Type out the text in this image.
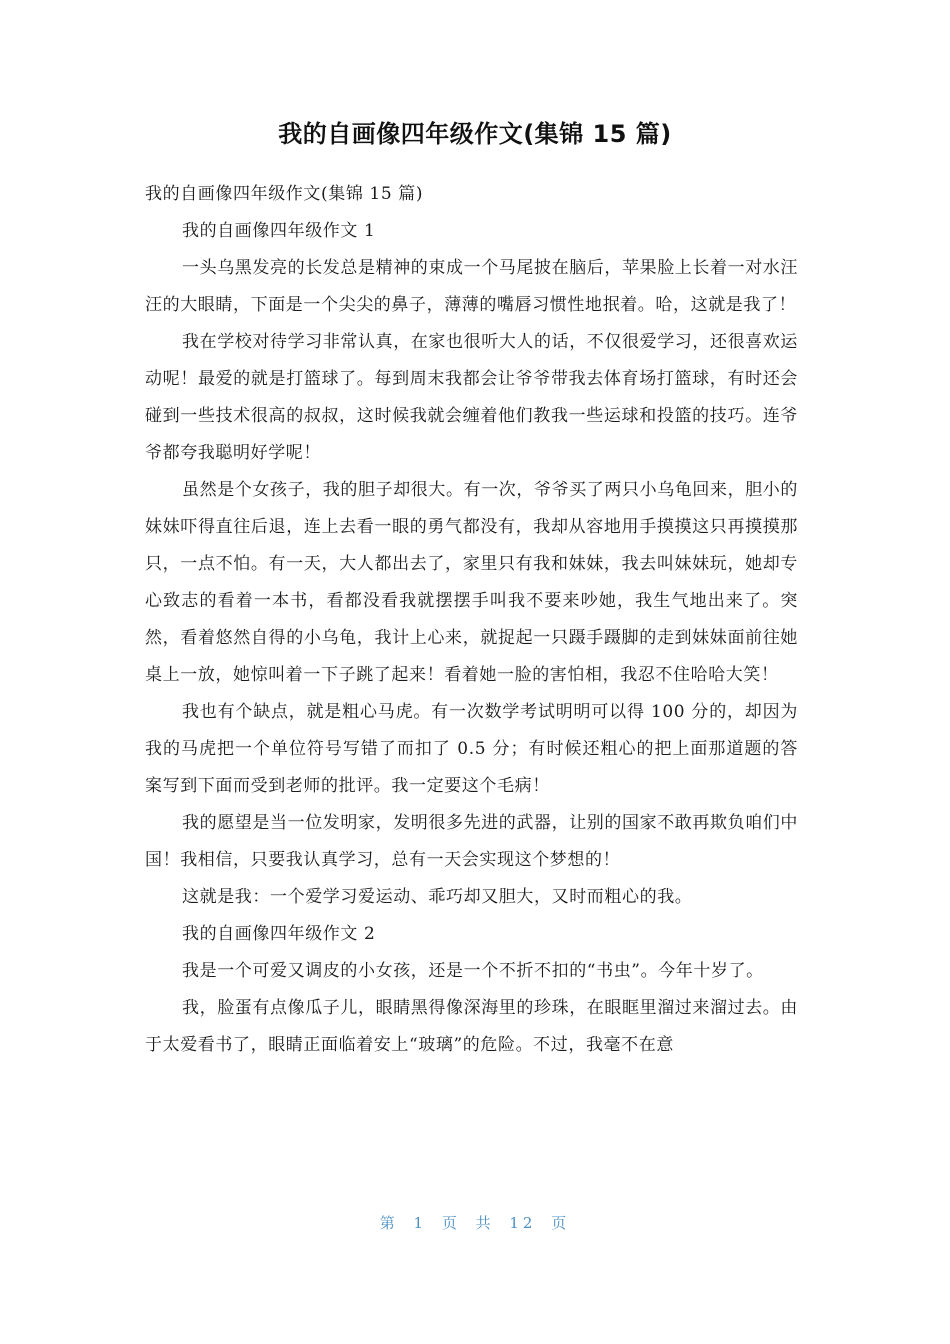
我的自画像四年级作文(集锦 15 篇)

我的自画像四年级作文(集锦 15 篇)

我的自画像四年级作文 1

一头乌黑发亮的长发总是精神的束成一个马尾披在脑后，苹果脸上长着一对水汪汪的大眼睛，下面是一个尖尖的鼻子，薄薄的嘴唇习惯性地抿着。哈，这就是我了！

我在学校对待学习非常认真，在家也很听大人的话，不仅很爱学习，还很喜欢运动呢！最爱的就是打篮球了。每到周末我都会让爷爷带我去体育场打篮球，有时还会碰到一些技术很高的叔叔，这时候我就会缠着他们教我一些运球和投篮的技巧。连爷爷都夸我聪明好学呢！

虽然是个女孩子，我的胆子却很大。有一次，爷爷买了两只小乌龟回来，胆小的妹妹吓得直往后退，连上去看一眼的勇气都没有，我却从容地用手摸摸这只再摸摸那只，一点不怕。有一天，大人都出去了，家里只有我和妹妹，我去叫妹妹玩，她却专心致志的看着一本书，看都没看我就摆摆手叫我不要来吵她，我生气地出来了。突然，看着悠然自得的小乌龟，我计上心来，就捉起一只蹑手蹑脚的走到妹妹面前往她桌上一放，她惊叫着一下子跳了起来！看着她一脸的害怕相，我忍不住哈哈大笑！

我也有个缺点，就是粗心马虎。有一次数学考试明明可以得 100 分的，却因为我的马虎把一个单位符号写错了而扣了 0.5 分；有时候还粗心的把上面那道题的答案写到下面而受到老师的批评。我一定要这个毛病！

我的愿望是当一位发明家，发明很多先进的武器，让别的国家不敢再欺负咱们中国！我相信，只要我认真学习，总有一天会实现这个梦想的！

这就是我：一个爱学习爱运动、乖巧却又胆大，又时而粗心的我。

我的自画像四年级作文 2

我是一个可爱又调皮的小女孩，还是一个不折不扣的“书虫”。今年十岁了。

我，脸蛋有点像瓜子儿，眼睛黑得像深海里的珍珠，在眼眶里溜过来溜过去。由于太爱看书了，眼睛正面临着安上“玻璃”的危险。不过，我毫不在意

第 1 页 共 12 页
